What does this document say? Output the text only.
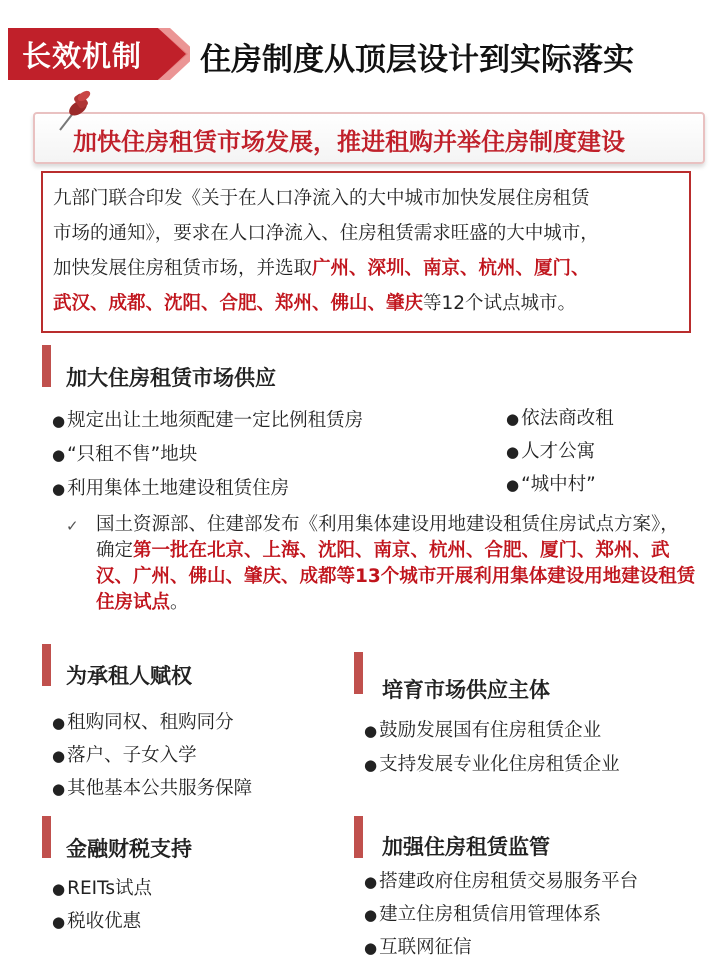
长效机制 住房制度从顶层设计到实际落实
加快住房租赁市场发展，推进租购并举住房制度建设

九部门联合印发《关于在人口净流入的大中城市加快发展住房租赁

市场的通知》，要求在人口净流入、住房租赁需求旺盛的大中城市，

加快发展住房租赁市场，并选取广州、深圳、南京、杭州、厦门、

武汉、成都、沈阳、合肥、郑州、佛山、肇庆等12个试点城市。

加大住房租赁市场供应
● 规定出让土地须配建一定比例租赁房
● “只租不售”地块
● 利用集体土地建设租赁住房
● 依法商改租
● 人才公寓
● “城中村”
✓ 国土资源部、住建部发布《利用集体建设用地建设租赁住房试点方案》，确定第一批在北京、上海、沈阳、南京、杭州、合肥、厦门、郑州、武汉、广州、佛山、肇庆、成都等13个城市开展利用集体建设用地建设租赁住房试点。
为承租人赋权
● 租购同权、租购同分
● 落户、子女入学
● 其他基本公共服务保障
培育市场供应主体
● 鼓励发展国有住房租赁企业
● 支持发展专业化住房租赁企业
金融财税支持
● REITs试点
● 税收优惠
加强住房租赁监管
● 搭建政府住房租赁交易服务平台
● 建立住房租赁信用管理体系
● 互联网征信
